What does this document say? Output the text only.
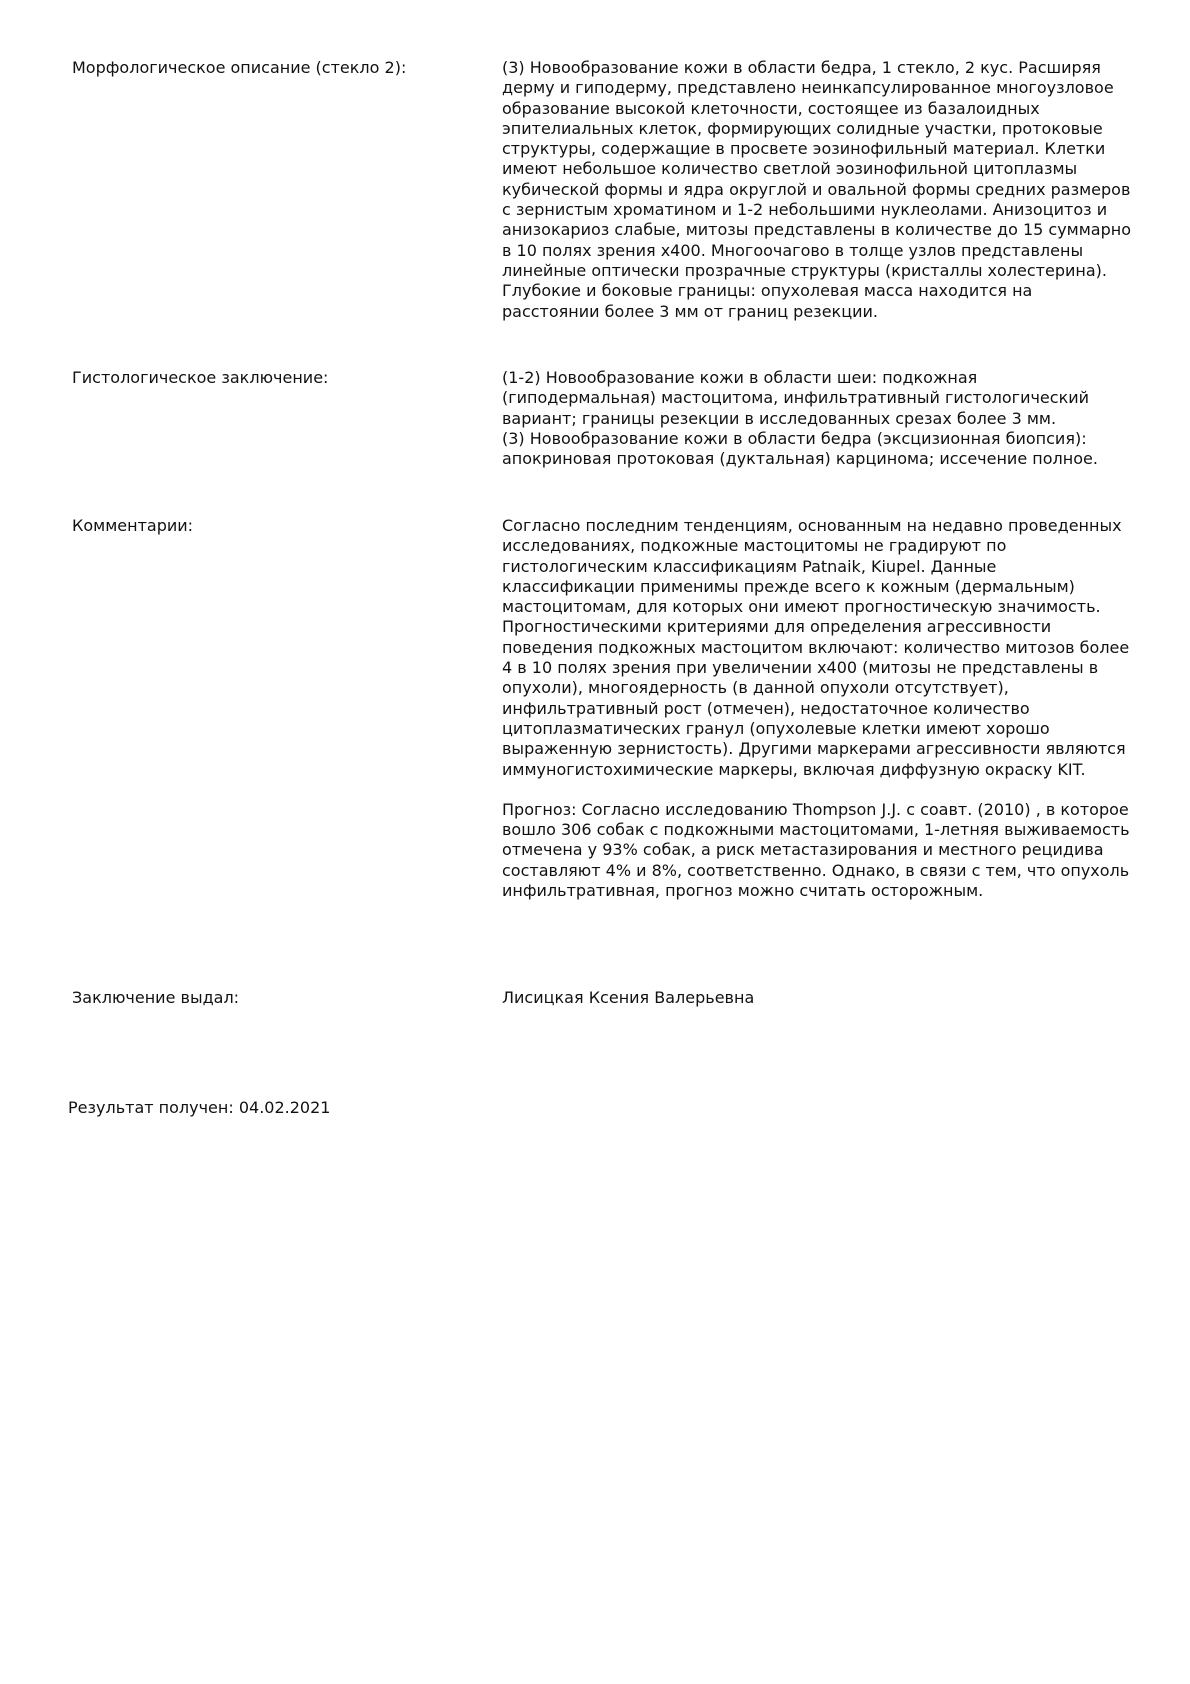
Морфологическое описание (стекло 2):	(3) Новообразование кожи в области бедра, 1 стекло, 2 кус. Расширяя дерму и гиподерму, представлено неинкапсулированное многоузловое образование высокой клеточности, состоящее из базалоидных эпителиальных клеток, формирующих солидные участки, протоковые структуры, содержащие в просвете эозинофильный материал. Клетки имеют небольшое количество светлой эозинофильной цитоплазмы кубической формы и ядра округлой и овальной формы средних размеров с зернистым хроматином и 1-2 небольшими нуклеолами. Анизоцитоз и анизокариоз слабые, митозы представлены в количестве до 15 суммарно в 10 полях зрения х400. Многоочагово в толще узлов представлены линейные оптически прозрачные структуры (кристаллы холестерина). Глубокие и боковые границы: опухолевая масса находится на расстоянии более 3 мм от границ резекции.

Гистологическое заключение:	(1-2) Новообразование кожи в области шеи: подкожная (гиподермальная) мастоцитома, инфильтративный гистологический вариант; границы резекции в исследованных срезах более 3 мм.

(3) Новообразование кожи в области бедра (эксцизионная биопсия): апокриновая протоковая (дуктальная) карцинома; иссечение полное.

Комментарии:	Согласно последним тенденциям, основанным на недавно проведенных исследованиях, подкожные мастоцитомы не градируют по гистологическим классификациям Patnaik, Kiupel. Данные классификации применимы прежде всего к кожным (дермальным) мастоцитомам, для которых они имеют прогностическую значимость.

Прогностическими критериями для определения агрессивности поведения подкожных мастоцитом включают: количество митозов более 4 в 10 полях зрения при увеличении х400 (митозы не представлены в опухоли), многоядерность (в данной опухоли отсутствует), инфильтративный рост (отмечен), недостаточное количество цитоплазматических гранул (опухолевые клетки имеют хорошо выраженную зернистость). Другими маркерами агрессивности являются иммуногистохимические маркеры, включая диффузную окраску KIT.

Прогноз: Согласно исследованию Thompson J.J. с соавт. (2010) , в которое вошло 306 собак с подкожными мастоцитомами, 1-летняя выживаемость отмечена у 93% собак, а риск метастазирования и местного рецидива составляют 4% и 8%, соответственно. Однако, в связи с тем, что опухоль инфильтративная, прогноз можно считать осторожным.

Заключение выдал:	Лисицкая Ксения Валерьевна

Результат получен: 04.02.2021
